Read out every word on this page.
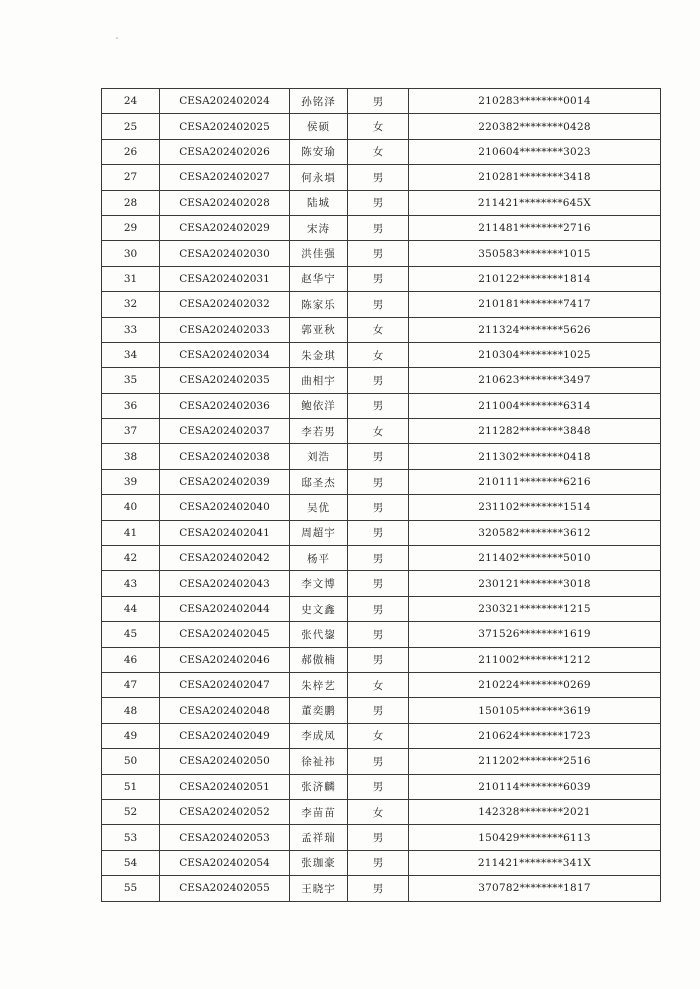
24	CESA202402024	孙铭泽	男	210283********0014
25	CESA202402025	侯硕	女	220382********0428
26	CESA202402026	陈安瑜	女	210604********3023
27	CESA202402027	何永塤	男	210281********3418
28	CESA202402028	陆城	男	211421********645X
29	CESA202402029	宋涛	男	211481********2716
30	CESA202402030	洪佳强	男	350583********1015
31	CESA202402031	赵华宁	男	210122********1814
32	CESA202402032	陈家乐	男	210181********7417
33	CESA202402033	郭亚秋	女	211324********5626
34	CESA202402034	朱金琪	女	210304********1025
35	CESA202402035	曲相宇	男	210623********3497
36	CESA202402036	鲍依洋	男	211004********6314
37	CESA202402037	李若男	女	211282********3848
38	CESA202402038	刘浩	男	211302********0418
39	CESA202402039	邸圣杰	男	210111********6216
40	CESA202402040	吴优	男	231102********1514
41	CESA202402041	周超宇	男	320582********3612
42	CESA202402042	杨平	男	211402********5010
43	CESA202402043	李文博	男	230121********3018
44	CESA202402044	史文鑫	男	230321********1215
45	CESA202402045	张代鋆	男	371526********1619
46	CESA202402046	郝傲楠	男	211002********1212
47	CESA202402047	朱梓艺	女	210224********0269
48	CESA202402048	董奕鹏	男	150105********3619
49	CESA202402049	李成凤	女	210624********1723
50	CESA202402050	徐祉祎	男	211202********2516
51	CESA202402051	张济麟	男	210114********6039
52	CESA202402052	李苗苗	女	142328********2021
53	CESA202402053	孟祥瑞	男	150429********6113
54	CESA202402054	张珈豪	男	211421********341X
55	CESA202402055	王晓宇	男	370782********1817
